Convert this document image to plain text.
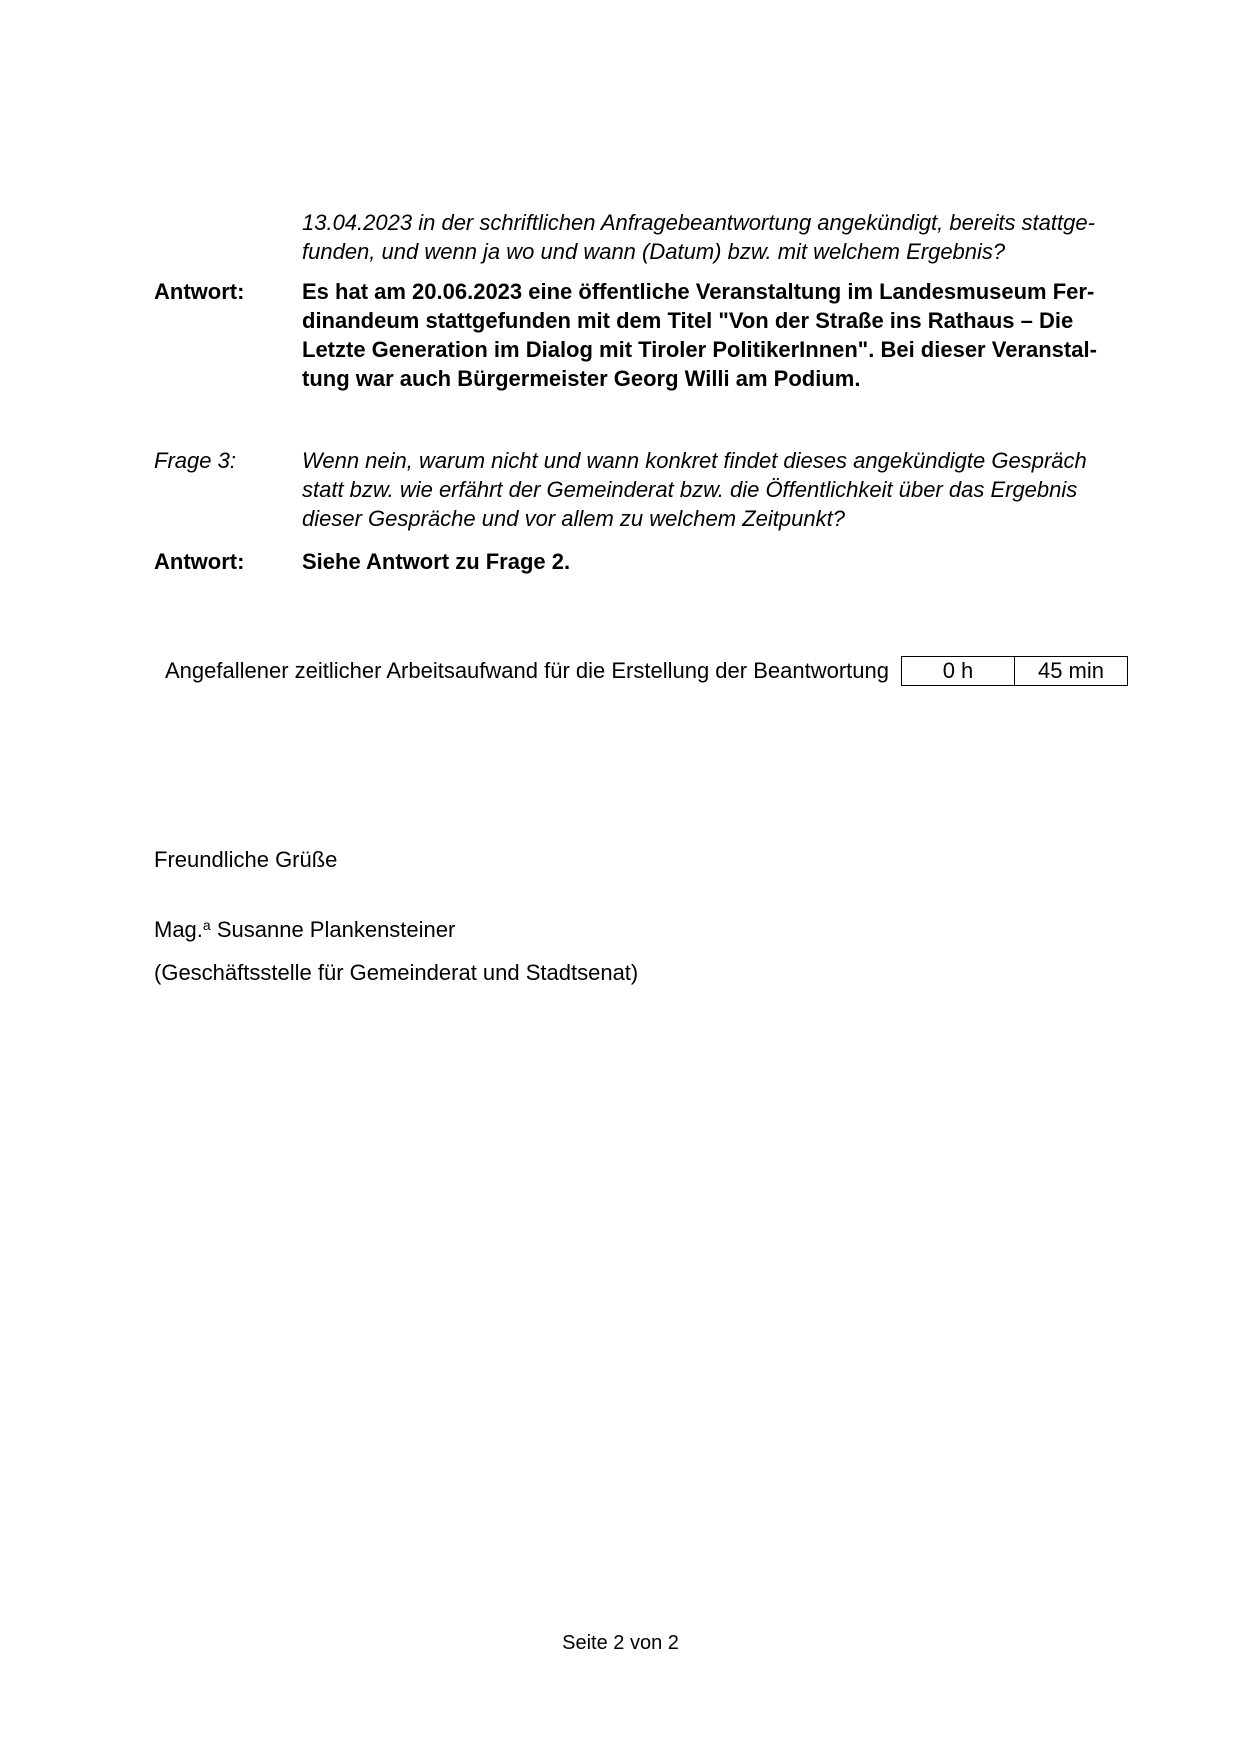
13.04.2023 in der schriftlichen Anfragebeantwortung angekündigt, bereits stattge-
funden, und wenn ja wo und wann (Datum) bzw. mit welchem Ergebnis?
Antwort:	Es hat am 20.06.2023 eine öffentliche Veranstaltung im Landesmuseum Fer-
dinandeum stattgefunden mit dem Titel "Von der Straße ins Rathaus – Die
Letzte Generation im Dialog mit Tiroler PolitikerInnen". Bei dieser Veranstal-
tung war auch Bürgermeister Georg Willi am Podium.
Frage 3:	Wenn nein, warum nicht und wann konkret findet dieses angekündigte Gespräch
statt bzw. wie erfährt der Gemeinderat bzw. die Öffentlichkeit über das Ergebnis
dieser Gespräche und vor allem zu welchem Zeitpunkt?
Antwort:	Siehe Antwort zu Frage 2.
Angefallener zeitlicher Arbeitsaufwand für die Erstellung der Beantwortung	0 h	45 min
Freundliche Grüße
Mag.$^a$ Susanne Plankensteiner
(Geschäftsstelle für Gemeinderat und Stadtsenat)
Seite 2 von 2
